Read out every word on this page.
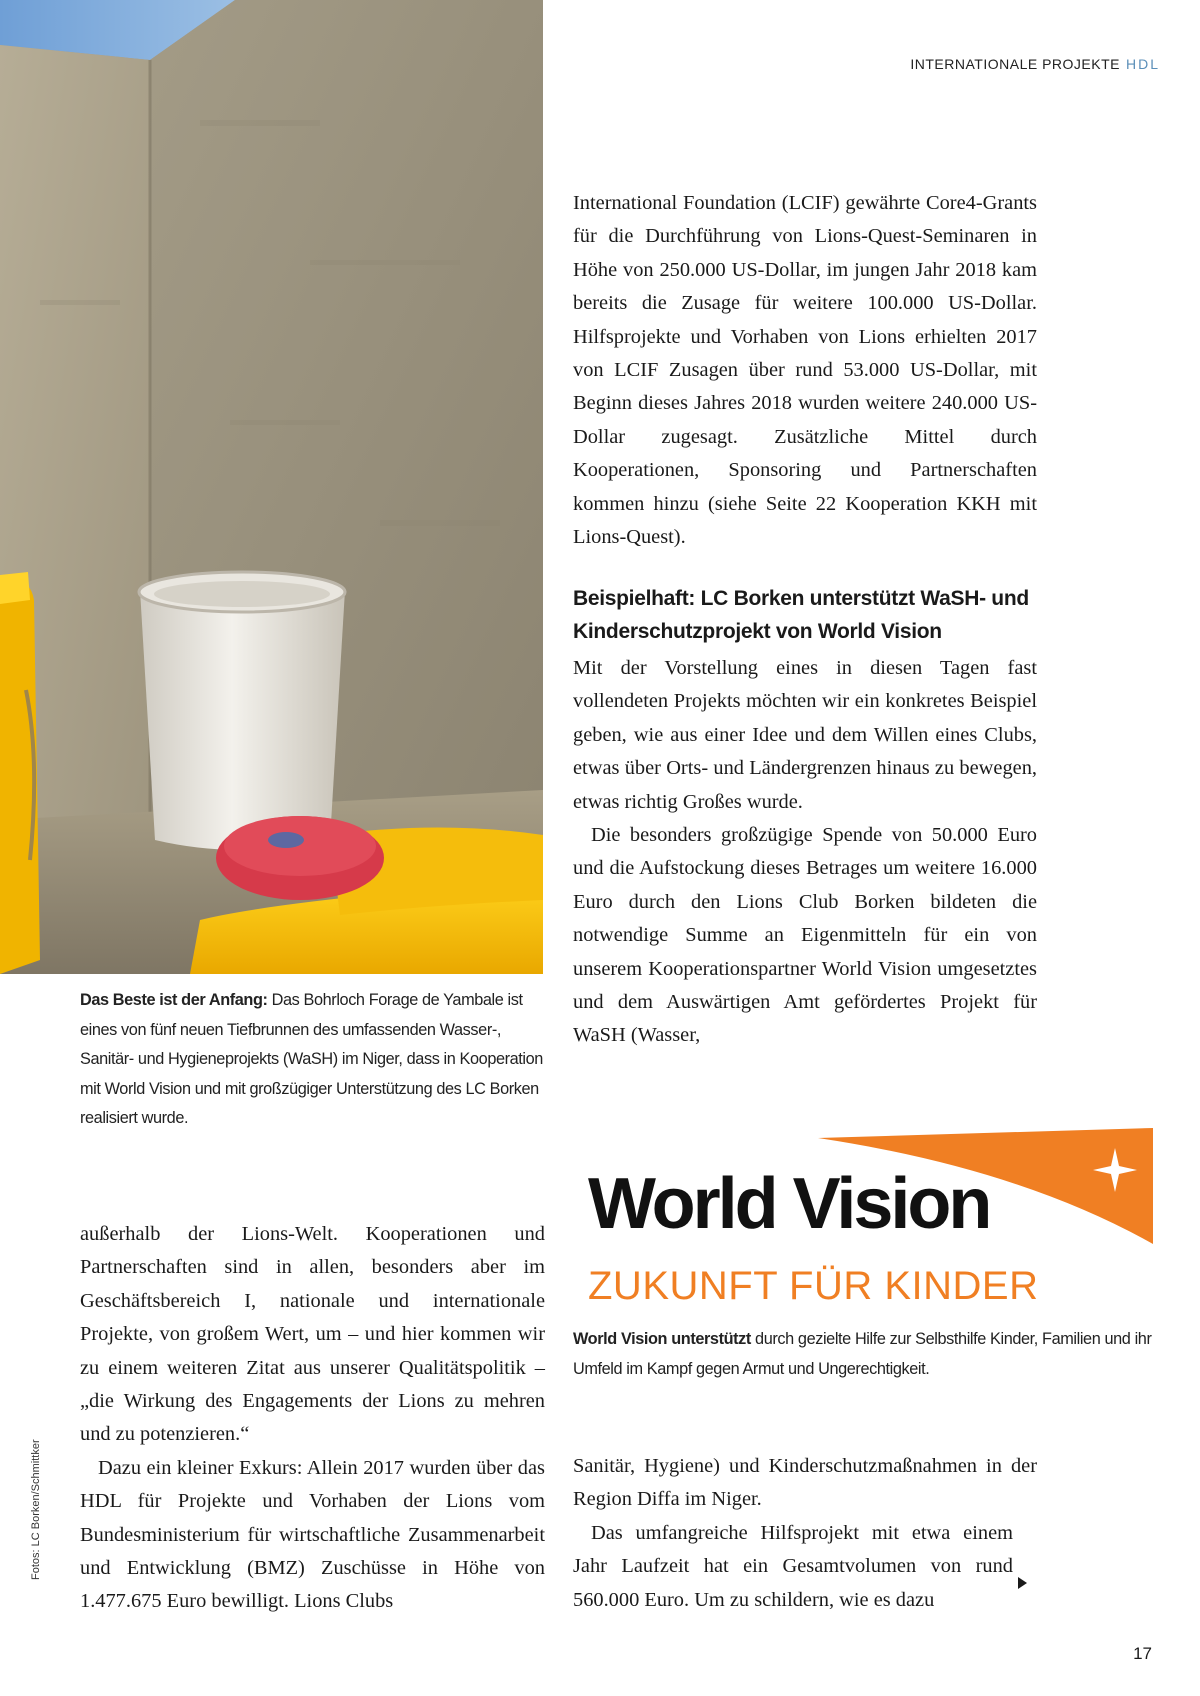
INTERNATIONALE PROJEKTE HDL
Das Beste ist der Anfang: Das Bohrloch Forage de Yambale ist eines von fünf neuen Tiefbrunnen des umfassenden Wasser-, Sanitär- und Hygieneprojekts (WaSH) im Niger, dass in Kooperation mit World Vision und mit großzügiger Unterstützung des LC Borken realisiert wurde.

International Foundation (LCIF) gewährte Core4-Grants für die Durchführung von Lions-Quest-Seminaren in Höhe von 250.000 US-Dollar, im jungen Jahr 2018 kam bereits die Zusage für weitere 100.000 US-Dollar. Hilfsprojekte und Vorhaben von Lions erhielten 2017 von LCIF Zusagen über rund 53.000 US-Dollar, mit Beginn dieses Jahres 2018 wurden weitere 240.000 US-Dollar zugesagt. Zusätzliche Mittel durch Kooperationen, Sponsoring und Partnerschaften kommen hinzu (siehe Seite 22 Kooperation KKH mit Lions-Quest).

Beispielhaft: LC Borken unterstützt WaSH- und Kinderschutzprojekt von World Vision

Mit der Vorstellung eines in diesen Tagen fast vollendeten Projekts möchten wir ein konkretes Beispiel geben, wie aus einer Idee und dem Willen eines Clubs, etwas über Orts- und Ländergrenzen hinaus zu bewegen, etwas richtig Großes wurde.

Die besonders großzügige Spende von 50.000 Euro und die Aufstockung dieses Betrages um weitere 16.000 Euro durch den Lions Club Borken bildeten die notwendige Summe an Eigenmitteln für ein von unserem Kooperationspartner World Vision umgesetztes und dem Auswärtigen Amt gefördertes Projekt für WaSH (Wasser,

außerhalb der Lions-Welt. Kooperationen und Partnerschaften sind in allen, besonders aber im Geschäftsbereich I, nationale und internationale Projekte, von großem Wert, um – und hier kommen wir zu einem weiteren Zitat aus unserer Qualitätspolitik – „die Wirkung des Engagements der Lions zu mehren und zu potenzieren.“

Dazu ein kleiner Exkurs: Allein 2017 wurden über das HDL für Projekte und Vorhaben der Lions vom Bundesministerium für wirtschaftliche Zusammenarbeit und Entwicklung (BMZ) Zuschüsse in Höhe von 1.477.675 Euro bewilligt. Lions Clubs

Fotos: LC Borken/Schmittker
World Vision
ZUKUNFT FÜR KINDER
World Vision unterstützt durch gezielte Hilfe zur Selbsthilfe Kinder, Familien und ihr Umfeld im Kampf gegen Armut und Ungerechtigkeit.

Sanitär, Hygiene) und Kinderschutzmaßnahmen in der Region Diffa im Niger.

Das umfangreiche Hilfsprojekt mit etwa einem Jahr Laufzeit hat ein Gesamtvolumen von rund 560.000 Euro. Um zu schildern, wie es dazu

17
